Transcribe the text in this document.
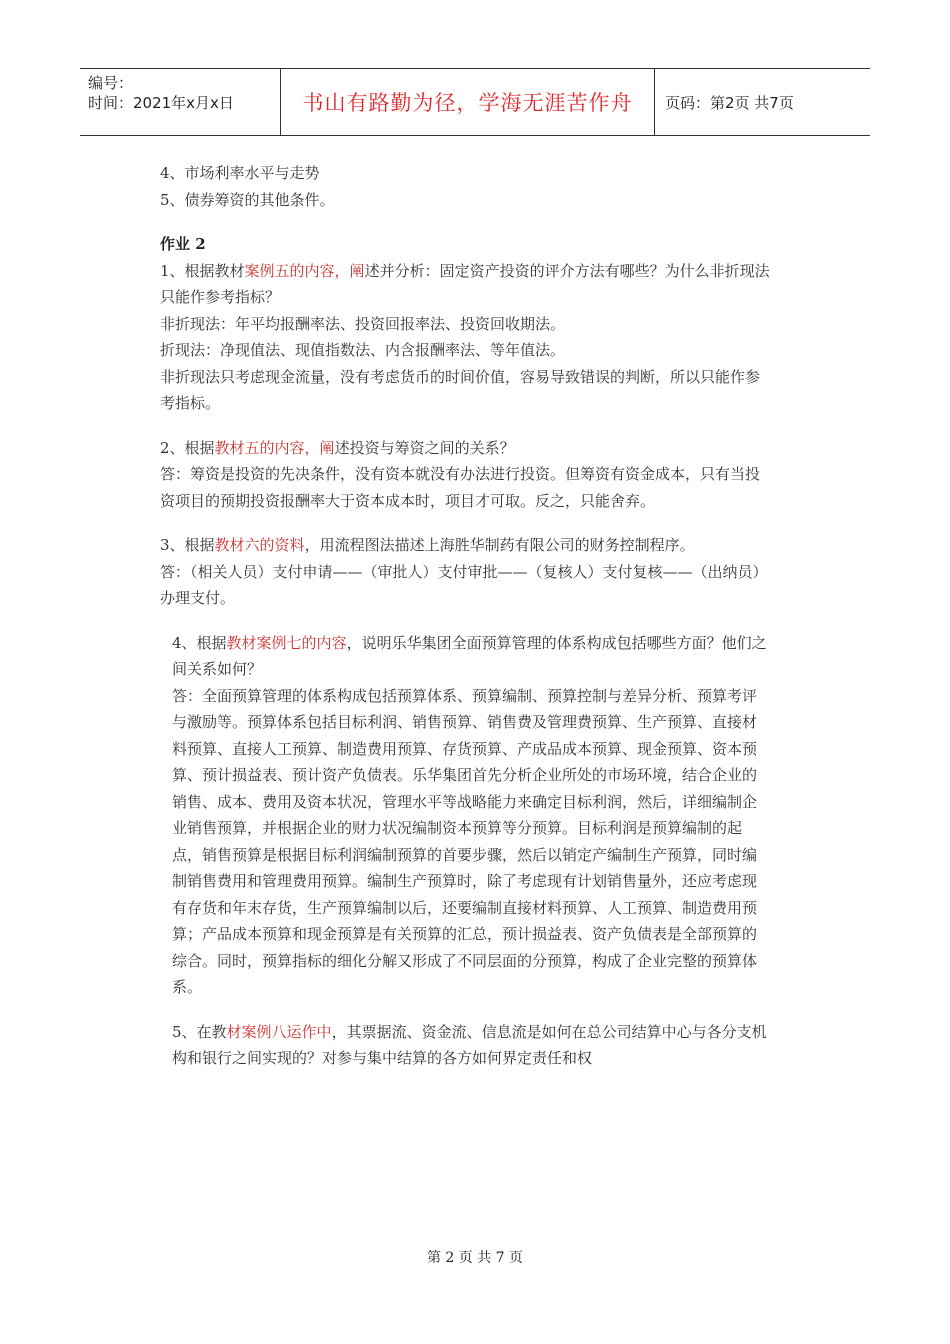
编号：
时间：2021年x月x日	书山有路勤为径，学海无涯苦作舟	页码：第2页 共7页

4、市场利率水平与走势

5、债券筹资的其他条件。

作业 2

1、根据教材案例五的内容，阐述并分析：固定资产投资的评介方法有哪些？为什么非折现法只能作参考指标？

非折现法：年平均报酬率法、投资回报率法、投资回收期法。

折现法：净现值法、现值指数法、内含报酬率法、等年值法。

非折现法只考虑现金流量，没有考虑货币的时间价值，容易导致错误的判断，所以只能作参考指标。

2、根据教材五的内容，阐述投资与筹资之间的关系？

答：筹资是投资的先决条件，没有资本就没有办法进行投资。但筹资有资金成本，只有当投资项目的预期投资报酬率大于资本成本时，项目才可取。反之，只能舍弃。

3、根据教材六的资料，用流程图法描述上海胜华制药有限公司的财务控制程序。

答：（相关人员）支付申请——（审批人）支付审批——（复核人）支付复核——（出纳员）办理支付。

4、根据教材案例七的内容，说明乐华集团全面预算管理的体系构成包括哪些方面？他们之间关系如何？

答：全面预算管理的体系构成包括预算体系、预算编制、预算控制与差异分析、预算考评与激励等。预算体系包括目标利润、销售预算、销售费及管理费预算、生产预算、直接材料预算、直接人工预算、制造费用预算、存货预算、产成品成本预算、现金预算、资本预算、预计损益表、预计资产负债表。乐华集团首先分析企业所处的市场环境，结合企业的销售、成本、费用及资本状况，管理水平等战略能力来确定目标利润，然后，详细编制企业销售预算，并根据企业的财力状况编制资本预算等分预算。目标利润是预算编制的起点，销售预算是根据目标利润编制预算的首要步骤，然后以销定产编制生产预算，同时编制销售费用和管理费用预算。编制生产预算时，除了考虑现有计划销售量外，还应考虑现有存货和年末存货，生产预算编制以后，还要编制直接材料预算、人工预算、制造费用预算；产品成本预算和现金预算是有关预算的汇总，预计损益表、资产负债表是全部预算的综合。同时，预算指标的细化分解又形成了不同层面的分预算，构成了企业完整的预算体系。

5、在教材案例八运作中，其票据流、资金流、信息流是如何在总公司结算中心与各分支机构和银行之间实现的？对参与集中结算的各方如何界定责任和权

第 2 页 共 7 页
